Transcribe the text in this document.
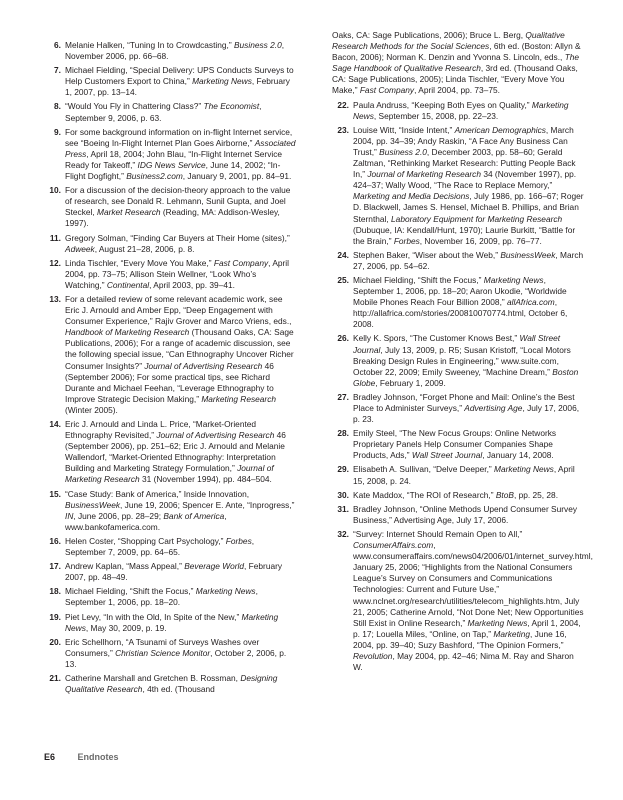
6. Melanie Halken, “Tuning In to Crowdcasting,” Business 2.0, November 2006, pp. 66–68.
7. Michael Fielding, “Special Delivery: UPS Conducts Surveys to Help Customers Export to China,” Marketing News, February 1, 2007, pp. 13–14.
8. “Would You Fly in Chattering Class?” The Economist, September 9, 2006, p. 63.
9. For some background information on in-flight Internet service, see “Boeing In-Flight Internet Plan Goes Airborne,” Associated Press, April 18, 2004; John Blau, “In-Flight Internet Service Ready for Takeoff,” IDG News Service, June 14, 2002; “In-Flight Dogfight,” Business2.com, January 9, 2001, pp. 84–91.
10. For a discussion of the decision-theory approach to the value of research, see Donald R. Lehmann, Sunil Gupta, and Joel Steckel, Market Research (Reading, MA: Addison-Wesley, 1997).
11. Gregory Solman, “Finding Car Buyers at Their Home (sites),” Adweek, August 21–28, 2006, p. 8.
12. Linda Tischler, “Every Move You Make,” Fast Company, April 2004, pp. 73–75; Allison Stein Wellner, “Look Who’s Watching,” Continental, April 2003, pp. 39–41.
13. For a detailed review of some relevant academic work, see Eric J. Arnould and Amber Epp, “Deep Engagement with Consumer Experience,” Rajiv Grover and Marco Vriens, eds., Handbook of Marketing Research (Thousand Oaks, CA: Sage Publications, 2006); For a range of academic discussion, see the following special issue, “Can Ethnography Uncover Richer Consumer Insights?” Journal of Advertising Research 46 (September 2006); For some practical tips, see Richard Durante and Michael Feehan, “Leverage Ethnography to Improve Strategic Decision Making,” Marketing Research (Winter 2005).
14. Eric J. Arnould and Linda L. Price, “Market-Oriented Ethnography Revisited,” Journal of Advertising Research 46 (September 2006), pp. 251–62; Eric J. Arnould and Melanie Wallendorf, “Market-Oriented Ethnography: Interpretation Building and Marketing Strategy Formulation,” Journal of Marketing Research 31 (November 1994), pp. 484–504.
15. “Case Study: Bank of America,” Inside Innovation, BusinessWeek, June 19, 2006; Spencer E. Ante, “Inprogress,” IN, June 2006, pp. 28–29; Bank of America, www.bankofamerica.com.
16. Helen Coster, “Shopping Cart Psychology,” Forbes, September 7, 2009, pp. 64–65.
17. Andrew Kaplan, “Mass Appeal,” Beverage World, February 2007, pp. 48–49.
18. Michael Fielding, “Shift the Focus,” Marketing News, September 1, 2006, pp. 18–20.
19. Piet Levy, “In with the Old, In Spite of the New,” Marketing News, May 30, 2009, p. 19.
20. Eric Schellhorn, “A Tsunami of Surveys Washes over Consumers,” Christian Science Monitor, October 2, 2006, p. 13.
21. Catherine Marshall and Gretchen B. Rossman, Designing Qualitative Research, 4th ed. (Thousand
Oaks, CA: Sage Publications, 2006); Bruce L. Berg, Qualitative Research Methods for the Social Sciences, 6th ed. (Boston: Allyn & Bacon, 2006); Norman K. Denzin and Yvonna S. Lincoln, eds., The Sage Handbook of Qualitative Research, 3rd ed. (Thousand Oaks, CA: Sage Publications, 2005); Linda Tischler, “Every Move You Make,” Fast Company, April 2004, pp. 73–75.
22. Paula Andruss, “Keeping Both Eyes on Quality,” Marketing News, September 15, 2008, pp. 22–23.
23. Louise Witt, “Inside Intent,” American Demographics, March 2004, pp. 34–39; Andy Raskin, “A Face Any Business Can Trust,” Business 2.0, December 2003, pp. 58–60; Gerald Zaltman, “Rethinking Market Research: Putting People Back In,” Journal of Marketing Research 34 (November 1997), pp. 424–37; Wally Wood, “The Race to Replace Memory,” Marketing and Media Decisions, July 1986, pp. 166–67; Roger D. Blackwell, James S. Hensel, Michael B. Phillips, and Brian Sternthal, Laboratory Equipment for Marketing Research (Dubuque, IA: Kendall/Hunt, 1970); Laurie Burkitt, “Battle for the Brain,” Forbes, November 16, 2009, pp. 76–77.
24. Stephen Baker, “Wiser about the Web,” BusinessWeek, March 27, 2006, pp. 54–62.
25. Michael Fielding, “Shift the Focus,” Marketing News, September 1, 2006, pp. 18–20; Aaron Ukodie, “Worldwide Mobile Phones Reach Four Billion 2008,” allAfrica.com, http://allafrica.com/stories/200810070774.html, October 6, 2008.
26. Kelly K. Spors, “The Customer Knows Best,” Wall Street Journal, July 13, 2009, p. R5; Susan Kristoff, “Local Motors Breaking Design Rules in Engineering,” www.suite.com, October 22, 2009; Emily Sweeney, “Machine Dream,” Boston Globe, February 1, 2009.
27. Bradley Johnson, “Forget Phone and Mail: Online’s the Best Place to Administer Surveys,” Advertising Age, July 17, 2006, p. 23.
28. Emily Steel, “The New Focus Groups: Online Networks Proprietary Panels Help Consumer Companies Shape Products, Ads,” Wall Street Journal, January 14, 2008.
29. Elisabeth A. Sullivan, “Delve Deeper,” Marketing News, April 15, 2008, p. 24.
30. Kate Maddox, “The ROI of Research,” BtoB, pp. 25, 28.
31. Bradley Johnson, “Online Methods Upend Consumer Survey Business,” Advertising Age, July 17, 2006.
32. “Survey: Internet Should Remain Open to All,” ConsumerAffairs.com, www.consumeraffairs.com/news04/2006/01/internet_survey.html, January 25, 2006; “Highlights from the National Consumers League’s Survey on Consumers and Communications Technologies: Current and Future Use,” www.nclnet.org/research/utilities/telecom_highlights.htm, July 21, 2005; Catherine Arnold, “Not Done Net; New Opportunities Still Exist in Online Research,” Marketing News, April 1, 2004, p. 17; Louella Miles, “Online, on Tap,” Marketing, June 16, 2004, pp. 39–40; Suzy Bashford, “The Opinion Formers,” Revolution, May 2004, pp. 42–46; Nima M. Ray and Sharon W.
E6	Endnotes
